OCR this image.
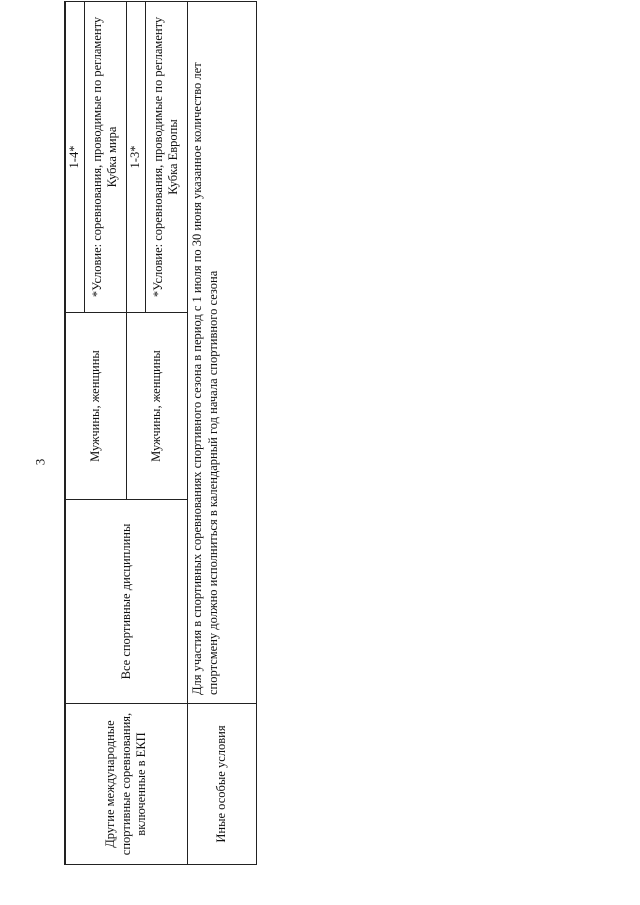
3
Другие международные спортивные соревнования, включенные в ЕКП	Все спортивные дисциплины	Мужчины, женщины	1-4*
			*Условие: соревнования, проводимые по регламенту Кубка мира
		Мужчины, женщины	1-3*
			*Условие: соревнования, проводимые по регламенту Кубка Европы
Иные особые условия	Для участия в спортивных соревнованиях спортивного сезона в период с 1 июля по 30 июня указанное количество лет спортсмену должно исполниться в календарный год начала спортивного сезона		
